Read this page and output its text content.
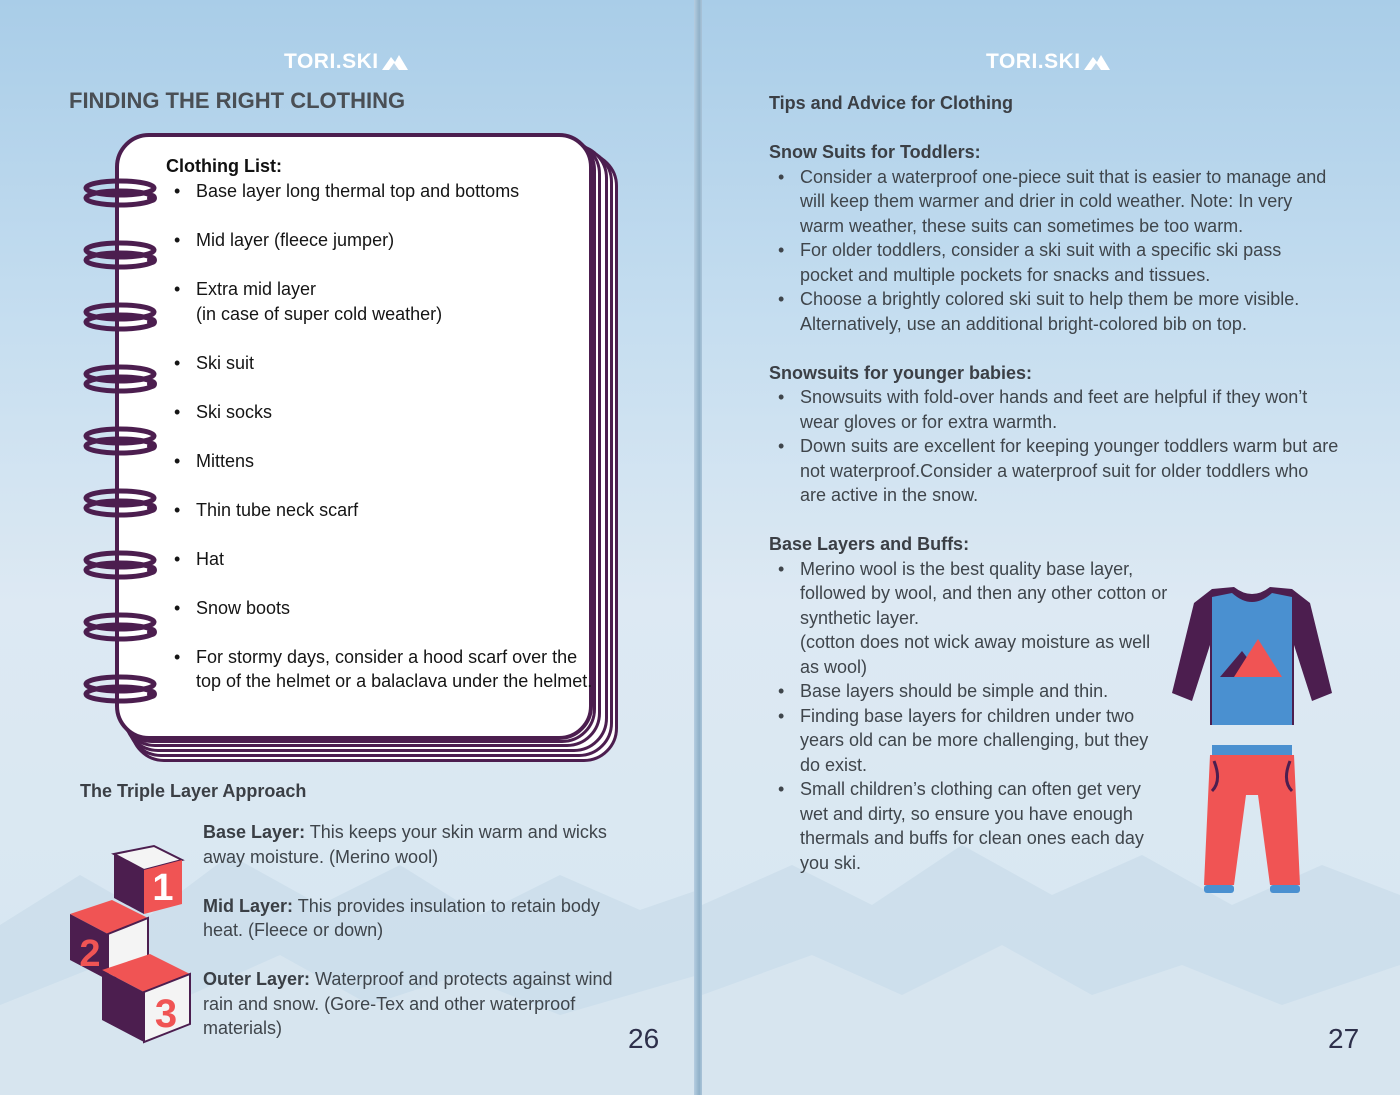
TORI.SKI
FINDING THE RIGHT CLOTHING
Clothing List:
• Base layer long thermal top and bottoms
• Mid layer (fleece jumper)
• Extra mid layer
(in case of super cold weather)
• Ski suit
• Ski socks
• Mittens
• Thin tube neck scarf
• Hat
• Snow boots
• For stormy days, consider a hood scarf over the top of the helmet or a balaclava under the helmet.
The Triple Layer Approach
1
2
3

Base Layer: This keeps your skin warm and wicks away moisture. (Merino wool)

Mid Layer: This provides insulation to retain body heat. (Fleece or down)

Outer Layer: Waterproof and protects against wind rain and snow. (Gore-Tex and other waterproof materials)	26
TORI.SKI
Tips and Advice for Clothing
Snow Suits for Toddlers:
• Consider a waterproof one-piece suit that is easier to manage and will keep them warmer and drier in cold weather. Note: In very warm weather, these suits can sometimes be too warm.
• For older toddlers, consider a ski suit with a specific ski pass pocket and multiple pockets for snacks and tissues.
• Choose a brightly colored ski suit to help them be more visible. Alternatively, use an additional bright-colored bib on top.
Snowsuits for younger babies:
• Snowsuits with fold-over hands and feet are helpful if they won’t wear gloves or for extra warmth.
• Down suits are excellent for keeping younger toddlers warm but are not waterproof.Consider a waterproof suit for older toddlers who are active in the snow.
Base Layers and Buffs:
• Merino wool is the best quality base layer, followed by wool, and then any other cotton or synthetic layer.
(cotton does not wick away moisture as well as wool)
• Base layers should be simple and thin.
• Finding base layers for children under two years old can be more challenging, but they do exist.
• Small children’s clothing can often get very wet and dirty, so ensure you have enough thermals and buffs for clean ones each day you ski.
27
